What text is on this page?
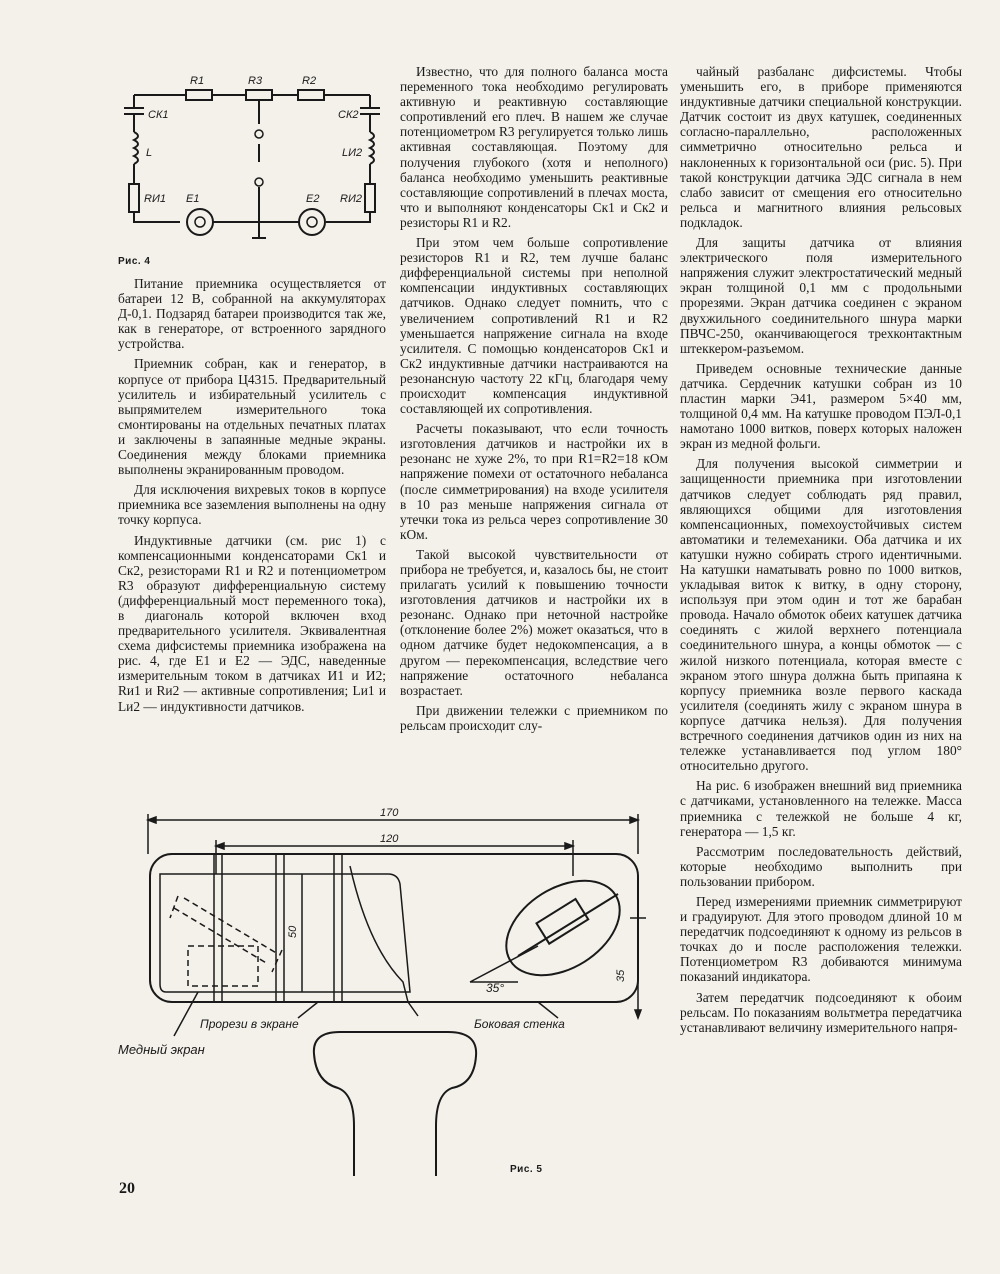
R1	R3	R2
CК1	CК2
L	LИ2
RИ1	RИ2
E1	E2
Рис. 4

Питание приемника осуществляется от батареи 12 В, собранной на аккумуляторах Д-0,1. Подзаряд батареи производится так же, как в генераторе, от встроенного зарядного устройства.

Приемник собран, как и генератор, в корпусе от прибора Ц4315. Предварительный усилитель и избирательный усилитель с выпрямителем измерительного тока смонтированы на отдельных печатных платах и заключены в запаянные медные экраны. Соединения между блоками приемника выполнены экранированным проводом.

Для исключения вихревых токов в корпусе приемника все заземления выполнены на одну точку корпуса.

Индуктивные датчики (см. рис 1) с компенсационными конденсаторами Cк1 и Cк2, резисторами R1 и R2 и потенциометром R3 образуют дифференциальную систему (дифференциальный мост переменного тока), в диагональ которой включен вход предварительного усилителя. Эквивалентная схема дифсистемы приемника изображена на рис. 4, где E1 и E2 — ЭДС, наведенные измерительным током в датчиках И1 и И2; Rи1 и Rи2 — активные сопротивления; Lи1 и Lи2 — индуктивности датчиков.

Известно, что для полного баланса моста переменного тока необходимо регулировать активную и реактивную составляющие сопротивлений его плеч. В нашем же случае потенциометром R3 регулируется только лишь активная составляющая. Поэтому для получения глубокого (хотя и неполного) баланса необходимо уменьшить реактивные составляющие сопротивлений в плечах моста, что и выполняют конденсаторы Cк1 и Cк2 и резисторы R1 и R2.

При этом чем больше сопротивление резисторов R1 и R2, тем лучше баланс дифференциальной системы при неполной компенсации индуктивных составляющих датчиков. Однако следует помнить, что с увеличением сопротивлений R1 и R2 уменьшается напряжение сигнала на входе усилителя. С помощью конденсаторов Cк1 и Cк2 индуктивные датчики настраиваются на резонансную частоту 22 кГц, благодаря чему происходит компенсация индуктивной составляющей их сопротивления.

Расчеты показывают, что если точность изготовления датчиков и настройки их в резонанс не хуже 2%, то при R1=R2=18 кОм напряжение помехи от остаточного небаланса (после симметрирования) на входе усилителя в 10 раз меньше напряжения сигнала от утечки тока из рельса через сопротивление 30 кОм.

Такой высокой чувствительности от прибора не требуется, и, казалось бы, не стоит прилагать усилий к повышению точности изготовления датчиков и настройки их в резонанс. Однако при неточной настройке (отклонение более 2%) может оказаться, что в одном датчике будет недокомпенсация, а в другом — перекомпенсация, вследствие чего напряжение остаточного небаланса возрастает.

При движении тележки с приемником по рельсам происходит слу-

чайный разбаланс дифсистемы. Чтобы уменьшить его, в приборе применяются индуктивные датчики специальной конструкции. Датчик состоит из двух катушек, соединенных согласно-параллельно, расположенных симметрично относительно рельса и наклоненных к горизонтальной оси (рис. 5). При такой конструкции датчика ЭДС сигнала в нем слабо зависит от смещения его относительно рельса и магнитного влияния рельсовых подкладок.

Для защиты датчика от влияния электрического поля измерительного напряжения служит электростатический медный экран толщиной 0,1 мм с продольными прорезями. Экран датчика соединен с экраном двухжильного соединительного шнура марки ПВЧС-250, оканчивающегося трехконтактным штеккером-разъемом.

Приведем основные технические данные датчика. Сердечник катушки собран из 10 пластин марки Э41, размером 5×40 мм, толщиной 0,4 мм. На катушке проводом ПЭЛ-0,1 намотано 1000 витков, поверх которых наложен экран из медной фольги.

Для получения высокой симметрии и защищенности приемника при изготовлении датчиков следует соблюдать ряд правил, являющихся общими для изготовления компенсационных, помехоустойчивых систем автоматики и телемеханики. Оба датчика и их катушки нужно собирать строго идентичными. На катушки наматывать ровно по 1000 витков, укладывая виток к витку, в одну сторону, используя при этом один и тот же барабан провода. Начало обмоток обеих катушек датчика соединять с жилой верхнего потенциала соединительного шнура, а концы обмоток — с жилой низкого потенциала, которая вместе с экраном этого шнура должна быть припаяна к корпусу приемника возле первого каскада усилителя (соединять жилу с экраном шнура в корпусе датчика нельзя). Для получения встречного соединения датчиков один из них на тележке устанавливается под углом 180° относительно другого.

На рис. 6 изображен внешний вид приемника с датчиками, установленного на тележке. Масса приемника с тележкой не больше 4 кг, генератора — 1,5 кг.

Рассмотрим последовательность действий, которые необходимо выполнить при пользовании прибором.

Перед измерениями приемник симметрируют и градуируют. Для этого проводом длиной 10 м передатчик подсоединяют к одному из рельсов в точках до и после расположения тележки. Потенциометром R3 добиваются минимума показаний индикатора.

Затем передатчик подсоединяют к обоим рельсам. По показаниям вольтметра передатчика устанавливают величину измерительного напря-

170
120
50
35
35°
Прорези в экране	Боковая стенка
Медный экран
Рис. 5
20
